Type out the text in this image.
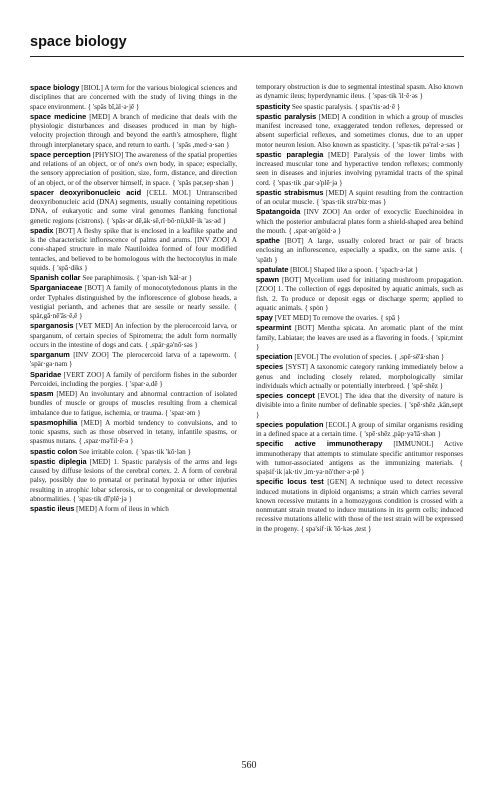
space biology

space biology [BIOL] A term for the various biological sciences and disciplines that are concerned with the study of living things in the space environment. { 'spās bī,äl·ə·jē }

space medicine [MED] A branch of medicine that deals with the physiologic disturbances and diseases produced in man by high-velocity projection through and beyond the earth's atmosphere, flight through interplanetary space, and return to earth. { 'spās ,med·ə·sən }

space perception [PHYSIO] The awareness of the spatial properties and relations of an object, or of one's own body, in space; especially, the sensory appreciation of position, size, form, distance, and direction of an object, or of the observer himself, in space. { 'spās pər,sep·shən }

spacer deoxyribonucleic acid [CELL MOL] Untranscribed deoxyribonucleic acid (DNA) segments, usually containing repetitious DNA, of eukaryotic and some viral genomes flanking functional genetic regions (cistrons). { 'spās·ər dē,äk·sē,rī·bō·nü,klē·ik 'as·əd }

spadix [BOT] A fleshy spike that is enclosed in a leaflike spathe and is the characteristic inflorescence of palms and arums. [INV ZOO] A cone-shaped structure in male Nautiloidea formed of four modified tentacles, and believed to be homologous with the hectocotylus in male squids. { 'spā·diks }

Spanish collar See paraphimosis. { 'span·ish 'käl·ər }

Sparganiaceae [BOT] A family of monocotyledonous plants in the order Typhales distinguished by the inflorescence of globose heads, a vestigial perianth, and achenes that are sessile or nearly sessile. { spär,gā·nē'ās·ē,ē }

sparganosis [VET MED] An infection by the plerocercoid larva, or sparganum, of certain species of Spirometra; the adult form normally occurs in the intestine of dogs and cats. { ,spär·gə'nō·səs }

sparganum [INV ZOO] The plerocercoid larva of a tapeworm. { 'spär·gə·nəm }

Sparidae [VERT ZOO] A family of perciform fishes in the suborder Percoidei, including the porgies. { 'spar·ə,dē }

spasm [MED] An involuntary and abnormal contraction of isolated bundles of muscle or groups of muscles resulting from a chemical imbalance due to fatigue, ischemia, or trauma. { 'spaz·əm }

spasmophilia [MED] A morbid tendency to convulsions, and to tonic spasms, such as those observed in tetany, infantile spasms, or spasmus nutans. { ,spaz·mə'fil·ē·ə }

spastic colon See irritable colon. { 'spas·tik 'kō·lən }

spastic diplegia [MED] 1. Spastic paralysis of the arms and legs caused by diffuse lesions of the cerebral cortex. 2. A form of cerebral palsy, possibly due to prenatal or perinatal hypoxia or other injuries resulting in atrophic lobar sclerosis, or to congenital or developmental abnormalities. { 'spas·tik dī'plē·jə }

spastic ileus [MED] A form of ileus in which

temporary obstruction is due to segmental intestinal spasm. Also known as dynamic ileus; hyperdynamic ileus. { 'spas·tik 'il·ē·əs }

spasticity See spastic paralysis. { spas'tis·əd·ē }

spastic paralysis [MED] A condition in which a group of muscles manifest increased tone, exaggerated tendon reflexes, depressed or absent superficial reflexes, and sometimes clonus, due to an upper motor neuron lesion. Also known as spasticity. { 'spas·tik pə'ral·ə·səs }

spastic paraplegia [MED] Paralysis of the lower limbs with increased muscular tone and hyperactive tendon reflexes; commonly seen in diseases and injuries involving pyramidal tracts of the spinal cord. { 'spas·tik ,par·ə'plē·jə }

spastic strabismus [MED] A squint resulting from the contraction of an ocular muscle. { 'spas·tik strə'biz·məs }

Spatangoida [INV ZOO] An order of exocyclic Euechinoidea in which the posterior ambulacral plates form a shield-shaped area behind the mouth. { ,spat·ən'gȯid·ə }

spathe [BOT] A large, usually colored bract or pair of bracts enclosing an inflorescence, especially a spadix, on the same axis. { 'spāth }

spatulate [BIOL] Shaped like a spoon. { 'spach·ə·lət }

spawn [BOT] Mycelium used for initiating mushroom propagation. [ZOO] 1. The collection of eggs deposited by aquatic animals, such as fish. 2. To produce or deposit eggs or discharge sperm; applied to aquatic animals. { spȯn }

spay [VET MED] To remove the ovaries. { spā }

spearmint [BOT] Mentha spicata. An aromatic plant of the mint family, Labiatae; the leaves are used as a flavoring in foods. { 'spir,mint }

speciation [EVOL] The evolution of species. { ,spē·sē'ā·shən }

species [SYST] A taxonomic category ranking immediately below a genus and including closely related, morphologically similar individuals which actually or potentially interbreed. { 'spē·shēz }

species concept [EVOL] The idea that the diversity of nature is divisible into a finite number of definable species. { 'spē·shēz ,kän,sept }

species population [ECOL] A group of similar organisms residing in a defined space at a certain time. { 'spē·shēz ,päp·yə'lā·shən }

specific active immunotherapy [IMMUNOL] Active immunotherapy that attempts to stimulate specific antitumor responses with tumor-associated antigens as the immunizing materials. { spə|sif·ik |ak·tiv ,im·yə·nō'ther·ə·pē }

specific locus test [GEN] A technique used to detect recessive induced mutations in diploid organisms; a strain which carries several known recessive mutants in a homozygous condition is crossed with a nonmutant strain treated to induce mutations in its germ cells; induced recessive mutations allelic with those of the test strain will be expressed in the progeny. { spə'sif·ik 'lō·kəs ,test }

560
